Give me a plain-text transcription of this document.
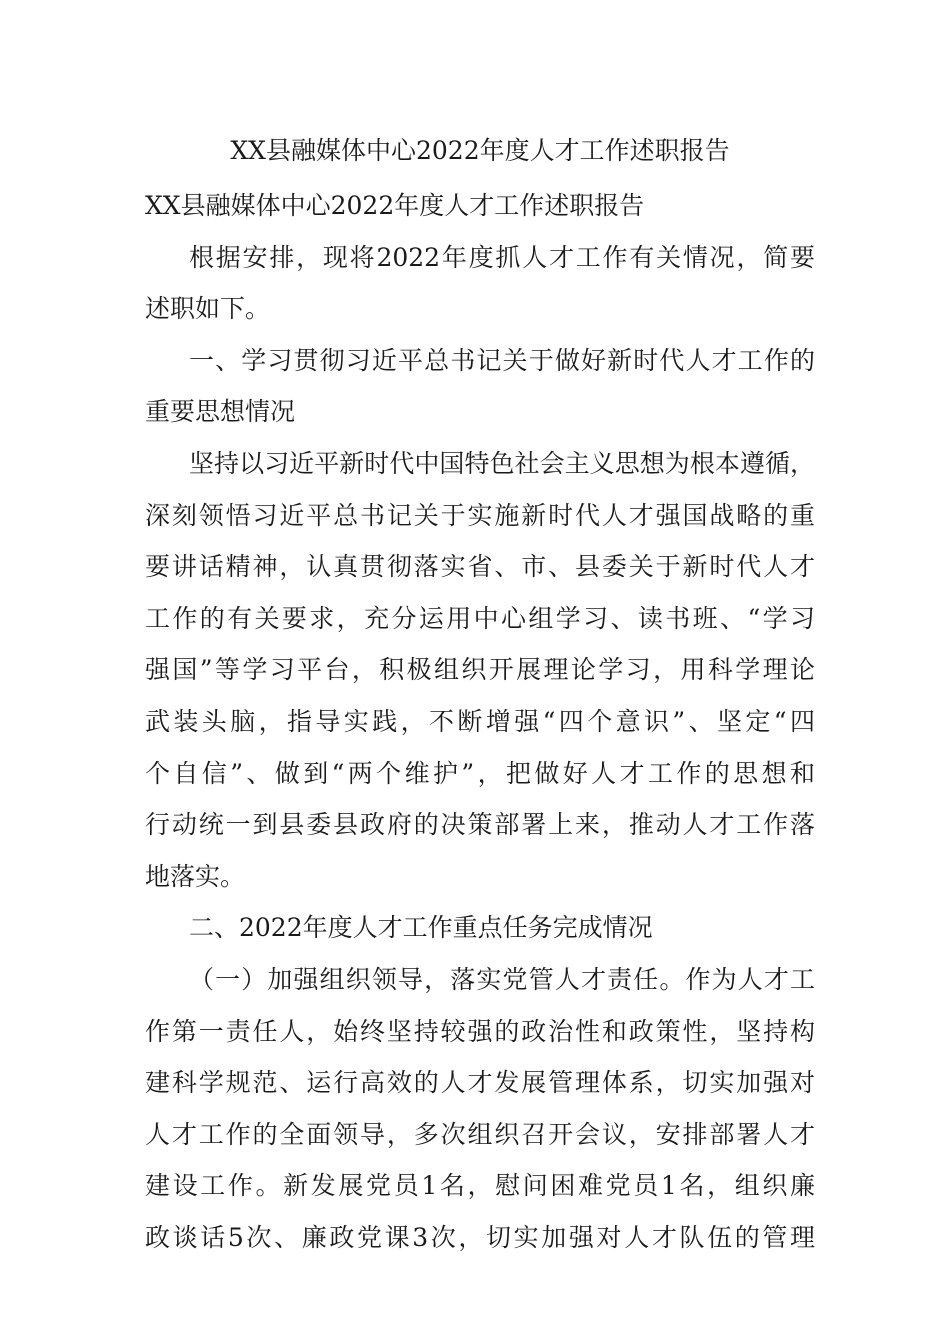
XX县融媒体中心2022年度人才工作述职报告

XX县融媒体中心2022年度人才工作述职报告

根据安排，现将2022年度抓人才工作有关情况，简要

述职如下。

一、学习贯彻习近平总书记关于做好新时代人才工作的

重要思想情况

坚持以习近平新时代中国特色社会主义思想为根本遵循，

深刻领悟习近平总书记关于实施新时代人才强国战略的重

要讲话精神，认真贯彻落实省、市、县委关于新时代人才

工作的有关要求，充分运用中心组学习、读书班、“学习

强国”等学习平台，积极组织开展理论学习，用科学理论

武装头脑，指导实践，不断增强“四个意识”、坚定“四

个自信”、做到“两个维护”，把做好人才工作的思想和

行动统一到县委县政府的决策部署上来，推动人才工作落

地落实。

二、2022年度人才工作重点任务完成情况

（一）加强组织领导，落实党管人才责任。作为人才工

作第一责任人，始终坚持较强的政治性和政策性，坚持构

建科学规范、运行高效的人才发展管理体系，切实加强对

人才工作的全面领导，多次组织召开会议，安排部署人才

建设工作。新发展党员1名，慰问困难党员1名，组织廉

政谈话5次、廉政党课3次，切实加强对人才队伍的管理
